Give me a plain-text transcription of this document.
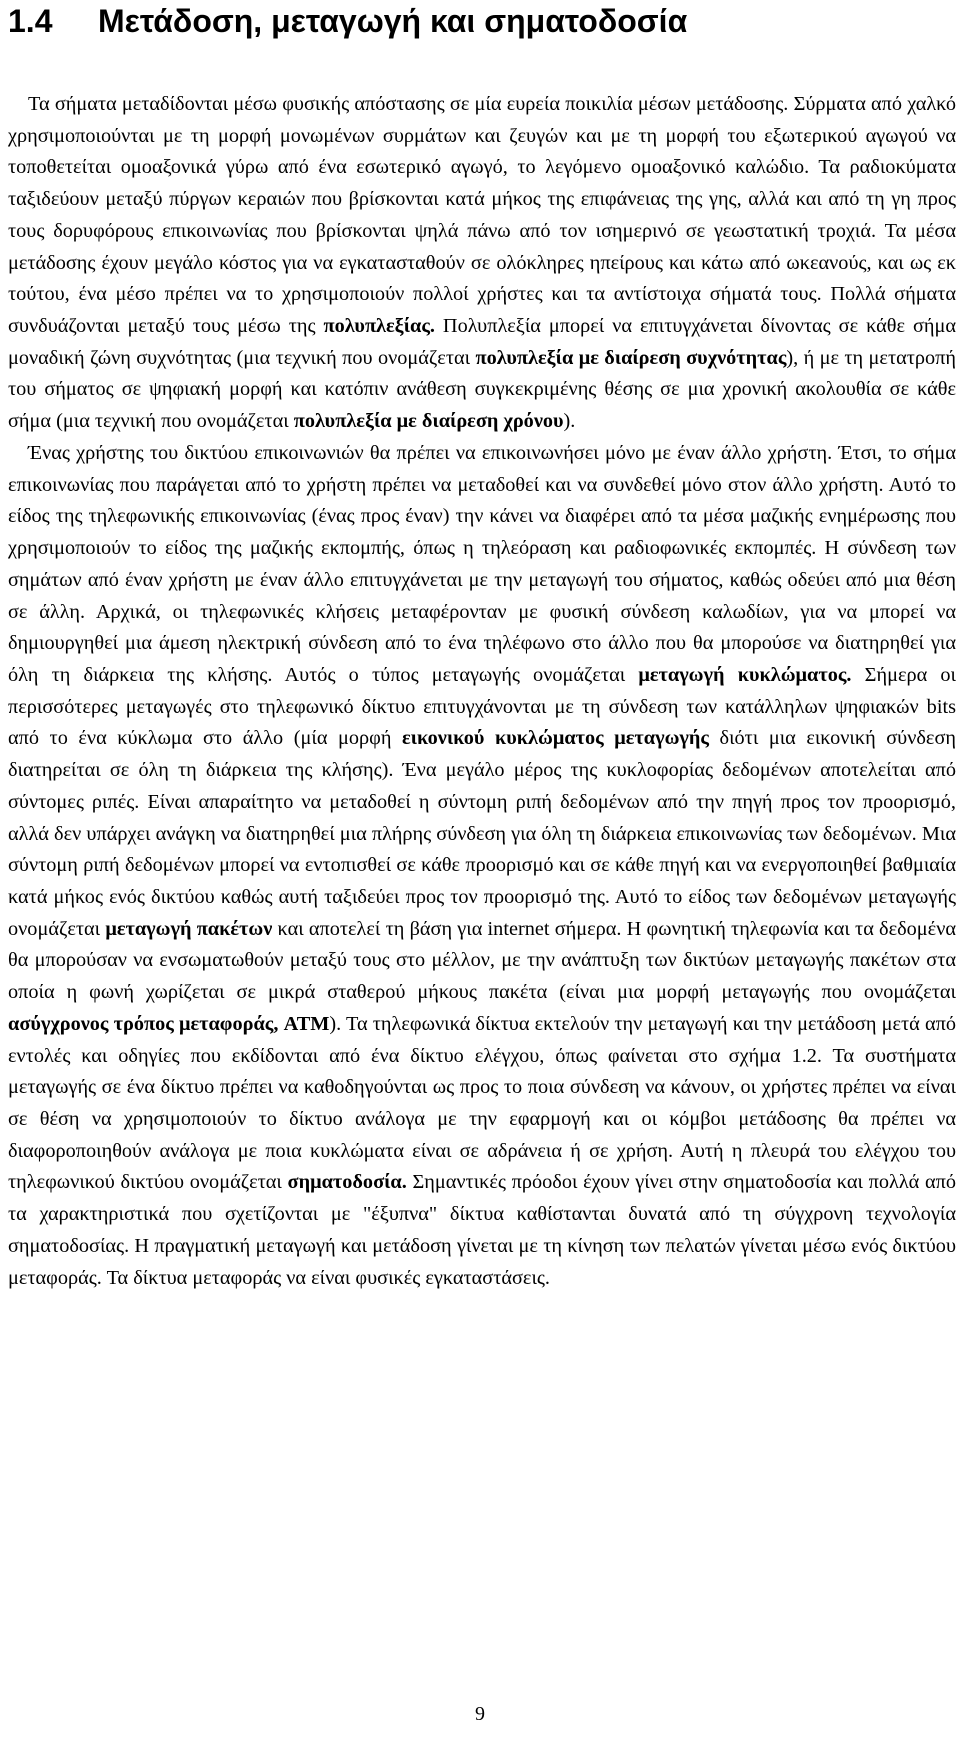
1.4 Μετάδοση, μεταγωγή και σηματοδοσία

Τα σήματα μεταδίδονται μέσω φυσικής απόστασης σε μία ευρεία ποικιλία μέσων μετάδοσης. Σύρματα από χαλκό χρησιμοποιούνται με τη μορφή μονωμένων συρμάτων και ζευγών και με τη μορφή του εξωτερικού αγωγού να τοποθετείται ομοαξονικά γύρω από ένα εσωτερικό αγωγό, το λεγόμενο ομοαξονικό καλώδιο. Τα ραδιοκύματα ταξιδεύουν μεταξύ πύργων κεραιών που βρίσκονται κατά μήκος της επιφάνειας της γης, αλλά και από τη γη προς τους δορυφόρους επικοινωνίας που βρίσκονται ψηλά πάνω από τον ισημερινό σε γεωστατική τροχιά. Τα μέσα μετάδοσης έχουν μεγάλο κόστος για να εγκατασταθούν σε ολόκληρες ηπείρους και κάτω από ωκεανούς, και ως εκ τούτου, ένα μέσο πρέπει να το χρησιμοποιούν πολλοί χρήστες και τα αντίστοιχα σήματά τους. Πολλά σήματα συνδυάζονται μεταξύ τους μέσω της πολυπλεξίας. Πολυπλεξία μπορεί να επιτυγχάνεται δίνοντας σε κάθε σήμα μοναδική ζώνη συχνότητας (μια τεχνική που ονομάζεται πολυπλεξία με διαίρεση συχνότητας), ή με τη μετατροπή του σήματος σε ψηφιακή μορφή και κατόπιν ανάθεση συγκεκριμένης θέσης σε μια χρονική ακολουθία σε κάθε σήμα (μια τεχνική που ονομάζεται πολυπλεξία με διαίρεση χρόνου).

Ένας χρήστης του δικτύου επικοινωνιών θα πρέπει να επικοινωνήσει μόνο με έναν άλλο χρήστη. Έτσι, το σήμα επικοινωνίας που παράγεται από το χρήστη πρέπει να μεταδοθεί και να συνδεθεί μόνο στον άλλο χρήστη. Αυτό το είδος της τηλεφωνικής επικοινωνίας (ένας προς έναν) την κάνει να διαφέρει από τα μέσα μαζικής ενημέρωσης που χρησιμοποιούν το είδος της μαζικής εκπομπής, όπως η τηλεόραση και ραδιοφωνικές εκπομπές. Η σύνδεση των σημάτων από έναν χρήστη με έναν άλλο επιτυγχάνεται με την μεταγωγή του σήματος, καθώς οδεύει από μια θέση σε άλλη. Αρχικά, οι τηλεφωνικές κλήσεις μεταφέρονταν με φυσική σύνδεση καλωδίων, για να μπορεί να δημιουργηθεί μια άμεση ηλεκτρική σύνδεση από το ένα τηλέφωνο στο άλλο που θα μπορούσε να διατηρηθεί για όλη τη διάρκεια της κλήσης. Αυτός ο τύπος μεταγωγής ονομάζεται μεταγωγή κυκλώματος. Σήμερα οι περισσότερες μεταγωγές στο τηλεφωνικό δίκτυο επιτυγχάνονται με τη σύνδεση των κατάλληλων ψηφιακών bits από το ένα κύκλωμα στο άλλο (μία μορφή εικονικού κυκλώματος μεταγωγής διότι μια εικονική σύνδεση διατηρείται σε όλη τη διάρκεια της κλήσης). Ένα μεγάλο μέρος της κυκλοφορίας δεδομένων αποτελείται από σύντομες ριπές. Είναι απαραίτητο να μεταδοθεί η σύντομη ριπή δεδομένων από την πηγή προς τον προορισμό, αλλά δεν υπάρχει ανάγκη να διατηρηθεί μια πλήρης σύνδεση για όλη τη διάρκεια επικοινωνίας των δεδομένων. Μια σύντομη ριπή δεδομένων μπορεί να εντοπισθεί σε κάθε προορισμό και σε κάθε πηγή και να ενεργοποιηθεί βαθμιαία κατά μήκος ενός δικτύου καθώς αυτή ταξιδεύει προς τον προορισμό της. Αυτό το είδος των δεδομένων μεταγωγής ονομάζεται μεταγωγή πακέτων και αποτελεί τη βάση για internet σήμερα. Η φωνητική τηλεφωνία και τα δεδομένα θα μπορούσαν να ενσωματωθούν μεταξύ τους στο μέλλον, με την ανάπτυξη των δικτύων μεταγωγής πακέτων στα οποία η φωνή χωρίζεται σε μικρά σταθερού μήκους πακέτα (είναι μια μορφή μεταγωγής που ονομάζεται ασύγχρονος τρόπος μεταφοράς, ATM). Τα τηλεφωνικά δίκτυα εκτελούν την μεταγωγή και την μετάδοση μετά από εντολές και οδηγίες που εκδίδονται από ένα δίκτυο ελέγχου, όπως φαίνεται στο σχήμα 1.2. Τα συστήματα μεταγωγής σε ένα δίκτυο πρέπει να καθοδηγούνται ως προς το ποια σύνδεση να κάνουν, οι χρήστες πρέπει να είναι σε θέση να χρησιμοποιούν το δίκτυο ανάλογα με την εφαρμογή και οι κόμβοι μετάδοσης θα πρέπει να διαφοροποιηθούν ανάλογα με ποια κυκλώματα είναι σε αδράνεια ή σε χρήση. Αυτή η πλευρά του ελέγχου του τηλεφωνικού δικτύου ονομάζεται σηματοδοσία. Σημαντικές πρόοδοι έχουν γίνει στην σηματοδοσία και πολλά από τα χαρακτηριστικά που σχετίζονται με "έξυπνα" δίκτυα καθίστανται δυνατά από τη σύγχρονη τεχνολογία σηματοδοσίας. Η πραγματική μεταγωγή και μετάδοση γίνεται με τη κίνηση των πελατών γίνεται μέσω ενός δικτύου μεταφοράς. Τα δίκτυα μεταφοράς να είναι φυσικές εγκαταστάσεις.

9
